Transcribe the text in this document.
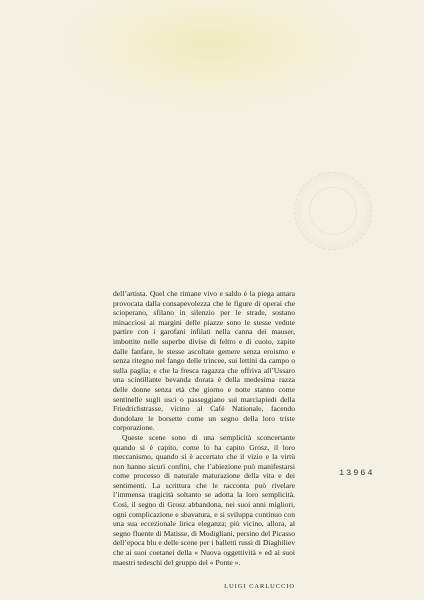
dell’artista. Quel che rimane vivo e saldo è la piega amara provocata dalla consapevolezza che le figure di operai che scioperano, sfilano in silenzio per le strade, sostano minacciosi ai margini delle piazze sono le stesse vedute partire con i garofani infilati nella canna dei mauser, imbottite nelle superbe divise di feltro e di cuoio, zapite dalle fanfare, le stesse ascoltate gemere senza eroismo e senza ritegno nel fango delle trincee, sui lettini da campo o sulla paglia; e che la fresca ragazza che offriva all’Ussaro una scintillante bevanda dorata è della medesima razza delle donne senza età che giorno e notte stanno come sentinelle sugli usci o passeggiano sui marciapiedi della Friedrichstrasse, vicino al Café Nationale, facendo dondolare le borsette come un segno della loro triste corporazione.

Queste scene sono di una semplicità sconcertante quando si è capito, come lo ha capito Grosz, il loro meccanismo, quando si è accertato che il vizio e la virtù non hanno sicuri confini, che l’abiezione può manifestarsi come processo di naturale maturazione della vita e dei sentimenti. La scrittura che le racconta può rivelare l’immensa tragicità soltanto se adotta la loro semplicità. Così, il segno di Grosz abbandona, nei suoi anni migliori, ogni complicazione e sbavatura, e si sviluppa continuo con una sua eccezionale lirica eleganza; più vicino, allora, al segno fluente di Matisse, di Modigliani, persino del Picasso dell’epoca blu e delle scene per i balletti russi di Diaghiliev che ai suoi coetanei della « Nuova oggettività » ed ai suoi maestri tedeschi del gruppo del « Ponte ».

LUIGI CARLUCCIO
13964
